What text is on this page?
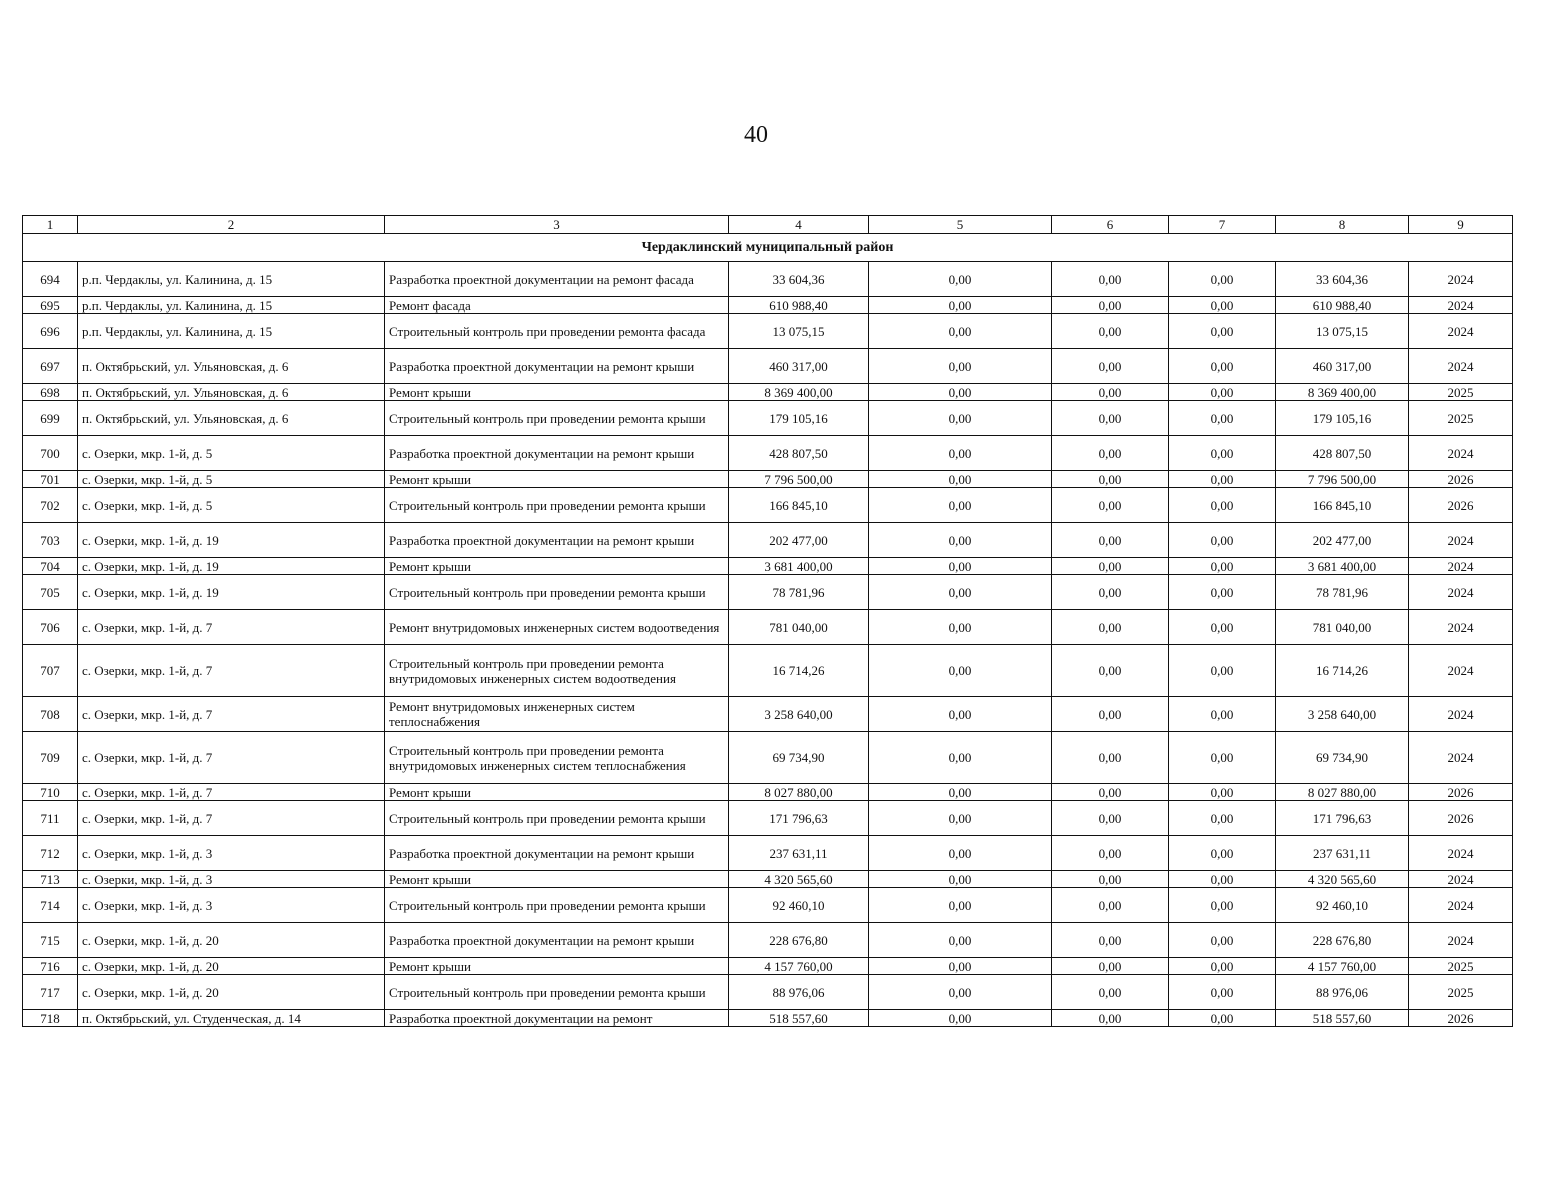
40
1	2	3	4	5	6	7	8	9
Чердаклинский муниципальный район								
694	р.п. Чердаклы, ул. Калинина, д. 15	Разработка проектной документации на ремонт фасада	33 604,36	0,00	0,00	0,00	33 604,36	2024
695	р.п. Чердаклы, ул. Калинина, д. 15	Ремонт фасада	610 988,40	0,00	0,00	0,00	610 988,40	2024
696	р.п. Чердаклы, ул. Калинина, д. 15	Строительный контроль при проведении ремонта фасада	13 075,15	0,00	0,00	0,00	13 075,15	2024
697	п. Октябрьский, ул. Ульяновская, д. 6	Разработка проектной документации на ремонт крыши	460 317,00	0,00	0,00	0,00	460 317,00	2024
698	п. Октябрьский, ул. Ульяновская, д. 6	Ремонт крыши	8 369 400,00	0,00	0,00	0,00	8 369 400,00	2025
699	п. Октябрьский, ул. Ульяновская, д. 6	Строительный контроль при проведении ремонта крыши	179 105,16	0,00	0,00	0,00	179 105,16	2025
700	с. Озерки, мкр. 1-й, д. 5	Разработка проектной документации на ремонт крыши	428 807,50	0,00	0,00	0,00	428 807,50	2024
701	с. Озерки, мкр. 1-й, д. 5	Ремонт крыши	7 796 500,00	0,00	0,00	0,00	7 796 500,00	2026
702	с. Озерки, мкр. 1-й, д. 5	Строительный контроль при проведении ремонта крыши	166 845,10	0,00	0,00	0,00	166 845,10	2026
703	с. Озерки, мкр. 1-й, д. 19	Разработка проектной документации на ремонт крыши	202 477,00	0,00	0,00	0,00	202 477,00	2024
704	с. Озерки, мкр. 1-й, д. 19	Ремонт крыши	3 681 400,00	0,00	0,00	0,00	3 681 400,00	2024
705	с. Озерки, мкр. 1-й, д. 19	Строительный контроль при проведении ремонта крыши	78 781,96	0,00	0,00	0,00	78 781,96	2024
706	с. Озерки, мкр. 1-й, д. 7	Ремонт внутридомовых инженерных систем водоотведения	781 040,00	0,00	0,00	0,00	781 040,00	2024
707	с. Озерки, мкр. 1-й, д. 7	Строительный контроль при проведении ремонта внутридомовых инженерных систем водоотведения	16 714,26	0,00	0,00	0,00	16 714,26	2024
708	с. Озерки, мкр. 1-й, д. 7	Ремонт внутридомовых инженерных систем теплоснабжения	3 258 640,00	0,00	0,00	0,00	3 258 640,00	2024
709	с. Озерки, мкр. 1-й, д. 7	Строительный контроль при проведении ремонта внутридомовых инженерных систем теплоснабжения	69 734,90	0,00	0,00	0,00	69 734,90	2024
710	с. Озерки, мкр. 1-й, д. 7	Ремонт крыши	8 027 880,00	0,00	0,00	0,00	8 027 880,00	2026
711	с. Озерки, мкр. 1-й, д. 7	Строительный контроль при проведении ремонта крыши	171 796,63	0,00	0,00	0,00	171 796,63	2026
712	с. Озерки, мкр. 1-й, д. 3	Разработка проектной документации на ремонт крыши	237 631,11	0,00	0,00	0,00	237 631,11	2024
713	с. Озерки, мкр. 1-й, д. 3	Ремонт крыши	4 320 565,60	0,00	0,00	0,00	4 320 565,60	2024
714	с. Озерки, мкр. 1-й, д. 3	Строительный контроль при проведении ремонта крыши	92 460,10	0,00	0,00	0,00	92 460,10	2024
715	с. Озерки, мкр. 1-й, д. 20	Разработка проектной документации на ремонт крыши	228 676,80	0,00	0,00	0,00	228 676,80	2024
716	с. Озерки, мкр. 1-й, д. 20	Ремонт крыши	4 157 760,00	0,00	0,00	0,00	4 157 760,00	2025
717	с. Озерки, мкр. 1-й, д. 20	Строительный контроль при проведении ремонта крыши	88 976,06	0,00	0,00	0,00	88 976,06	2025
718	п. Октябрьский, ул. Студенческая, д. 14	Разработка проектной документации на ремонт	518 557,60	0,00	0,00	0,00	518 557,60	2026
